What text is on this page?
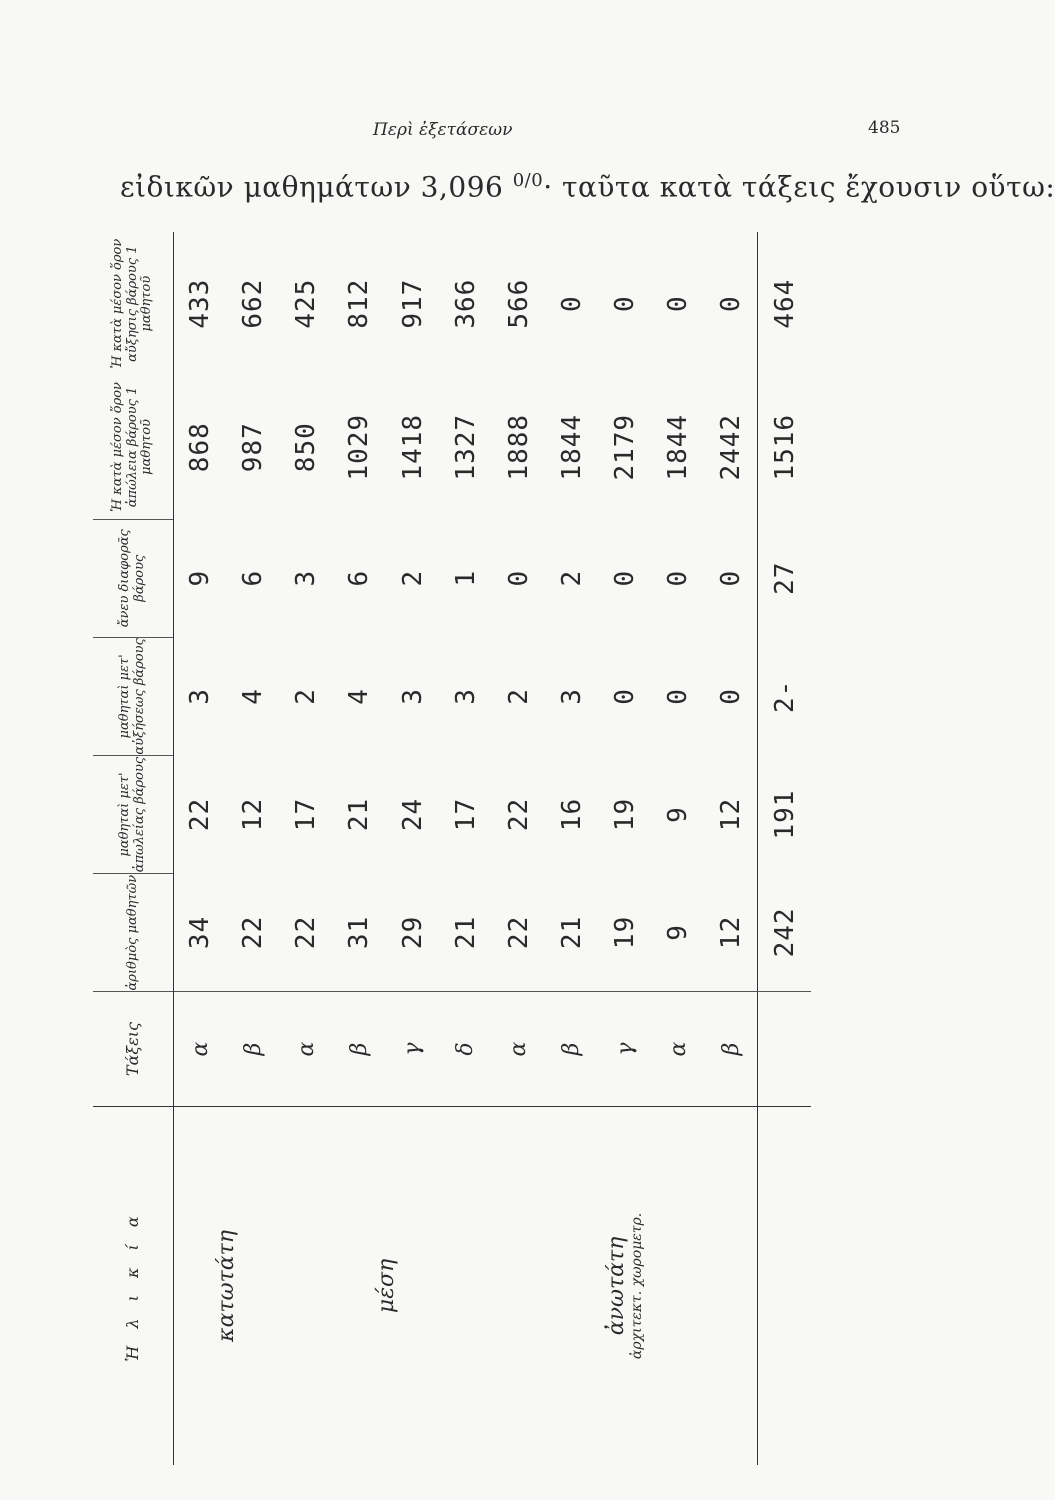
Περὶ ἐξετάσεων	485
εἰδικῶν μαθημάτων 3,096 $^{0/0}$· ταῦτα κατὰ τάξεις ἔχουσιν οὕτω:
Ἡ λ ι κ ί α	Τάξεις	ἀριθμὸς μαθητῶν	μαθηταὶ μετ' ἀπωλείας βάρους	μαθηταὶ μετ' αὐξήσεως βάρους	ἄνευ διαφορᾶς βάρους	Ἡ κατὰ μέσον ὅρον ἀπώλεια βάρους 1 μαθητοῦ	Ἡ κατὰ μέσον ὅρον αὔξησις βάρους 1 μαθητοῦ
κατωτάτη	α	34	22	3	9	868	433
	β	22	12	4	6	987	662
μέση	α	22	17	2	3	850	425
	β	31	21	4	6	1029	812
	γ	29	24	3	2	1418	917
	δ	21	17	3	1	1327	366
ἀνωτάτη ἀρχιτεκτ. χωρομετρ.	α	22	22	2	0	1888	566
	β	21	16	3	2	1844	0
	γ	19	19	0	0	2179	0
	α	9	9	0	0	1844	0
	β	12	12	0	0	2442	0
		242	191	2-	27	1516	464
